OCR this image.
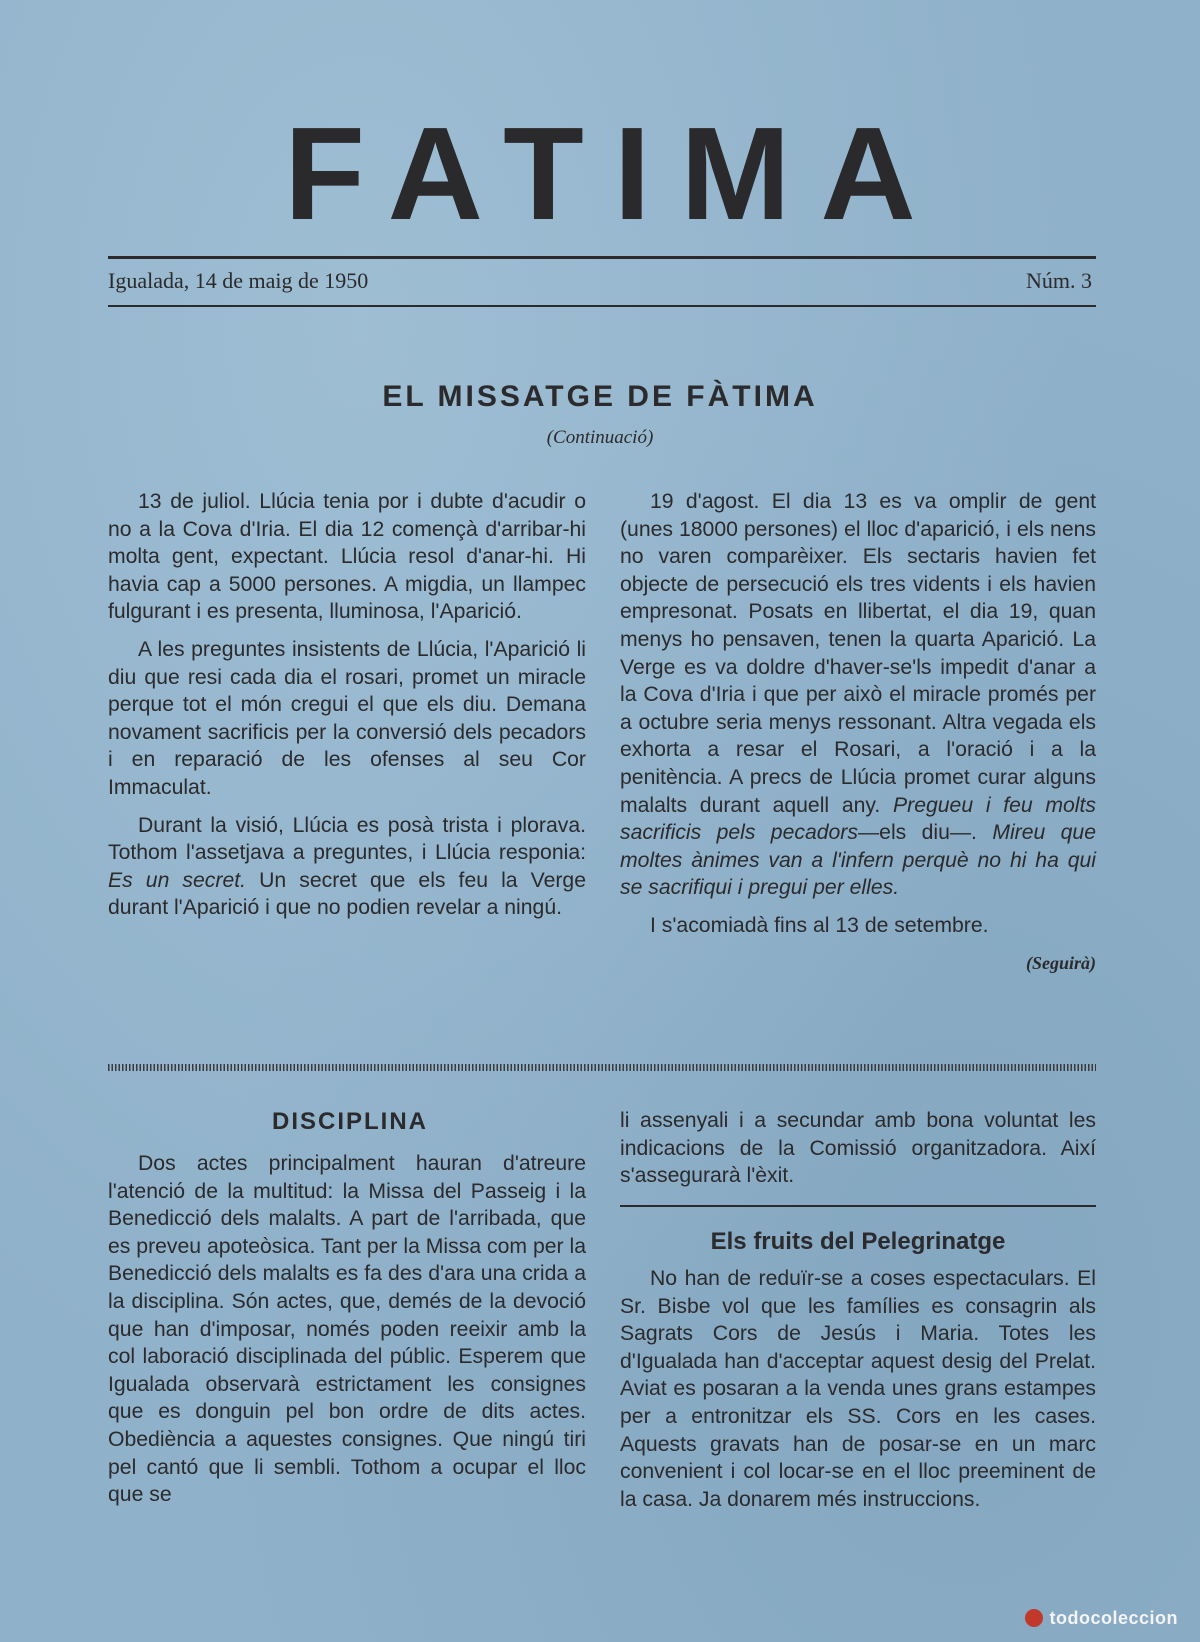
FATIMA
Igualada, 14 de maig de 1950	Núm. 3
EL MISSATGE DE FÀTIMA
(Continuació)

13 de juliol. Llúcia tenia por i dubte d'acudir o no a la Cova d'Iria. El dia 12 començà d'arribar-hi molta gent, expectant. Llúcia resol d'anar-hi. Hi havia cap a 5000 persones. A migdia, un llampec fulgurant i es presenta, lluminosa, l'Aparició.

A les preguntes insistents de Llúcia, l'Aparició li diu que resi cada dia el rosari, promet un miracle perque tot el món cregui el que els diu. Demana novament sacrificis per la conversió dels pecadors i en reparació de les ofenses al seu Cor Immaculat.

Durant la visió, Llúcia es posà trista i plorava. Tothom l'assetjava a preguntes, i Llúcia responia: Es un secret. Un secret que els feu la Verge durant l'Aparició i que no podien revelar a ningú.

19 d'agost. El dia 13 es va omplir de gent (unes 18000 persones) el lloc d'aparició, i els nens no varen comparèixer. Els sectaris havien fet objecte de persecució els tres vidents i els havien empresonat. Posats en llibertat, el dia 19, quan menys ho pensaven, tenen la quarta Aparició. La Verge es va doldre d'haver-se'ls impedit d'anar a la Cova d'Iria i que per això el miracle promés per a octubre seria menys ressonant. Altra vegada els exhorta a resar el Rosari, a l'oració i a la penitència. A precs de Llúcia promet curar alguns malalts durant aquell any. Pregueu i feu molts sacrificis pels pecadors—els diu—. Mireu que moltes ànimes van a l'infern perquè no hi ha qui se sacrifiqui i pregui per elles.

I s'acomiadà fins al 13 de setembre.

(Seguirà)
DISCIPLINA

Dos actes principalment hauran d'atreure l'atenció de la multitud: la Missa del Passeig i la Benedicció dels malalts. A part de l'arribada, que es preveu apoteòsica. Tant per la Missa com per la Benedicció dels malalts es fa des d'ara una crida a la disciplina. Són actes, que, demés de la devoció que han d'imposar, només poden reeixir amb la col laboració disciplinada del públic. Esperem que Igualada observarà estrictament les consignes que es donguin pel bon ordre de dits actes. Obediència a aquestes consignes. Que ningú tiri pel cantó que li sembli. Tothom a ocupar el lloc que se

li assenyali i a secundar amb bona voluntat les indicacions de la Comissió organitzadora. Així s'assegurarà l'èxit.

Els fruits del Pelegrinatge

No han de reduïr-se a coses espectaculars. El Sr. Bisbe vol que les famílies es consagrin als Sagrats Cors de Jesús i Maria. Totes les d'Igualada han d'acceptar aquest desig del Prelat. Aviat es posaran a la venda unes grans estampes per a entronitzar els SS. Cors en les cases. Aquests gravats han de posar-se en un marc convenient i col locar-se en el lloc preeminent de la casa. Ja donarem més instruccions.

todocoleccion
